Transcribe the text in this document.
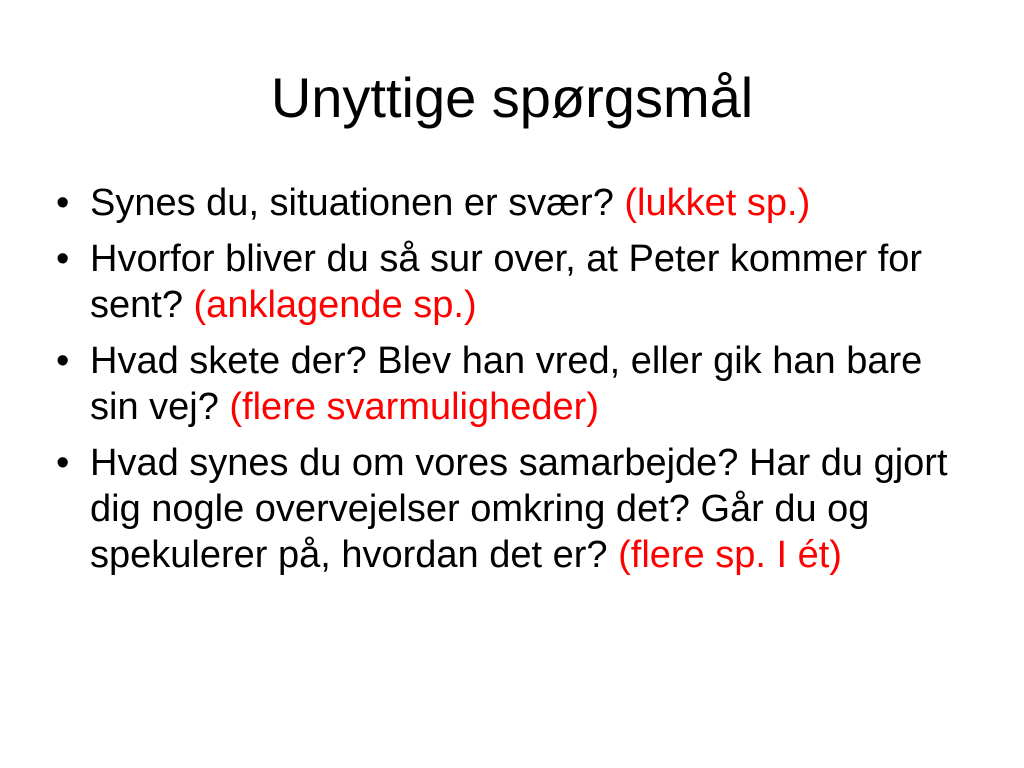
Unyttige spørgsmål
• Synes du, situationen er svær? (lukket sp.)
• Hvorfor bliver du så sur over, at Peter kommer for sent? (anklagende sp.)
• Hvad skete der? Blev han vred, eller gik han bare sin vej? (flere svarmuligheder)
• Hvad synes du om vores samarbejde? Har du gjort dig nogle overvejelser omkring det? Går du og spekulerer på, hvordan det er? (flere sp. I ét)
